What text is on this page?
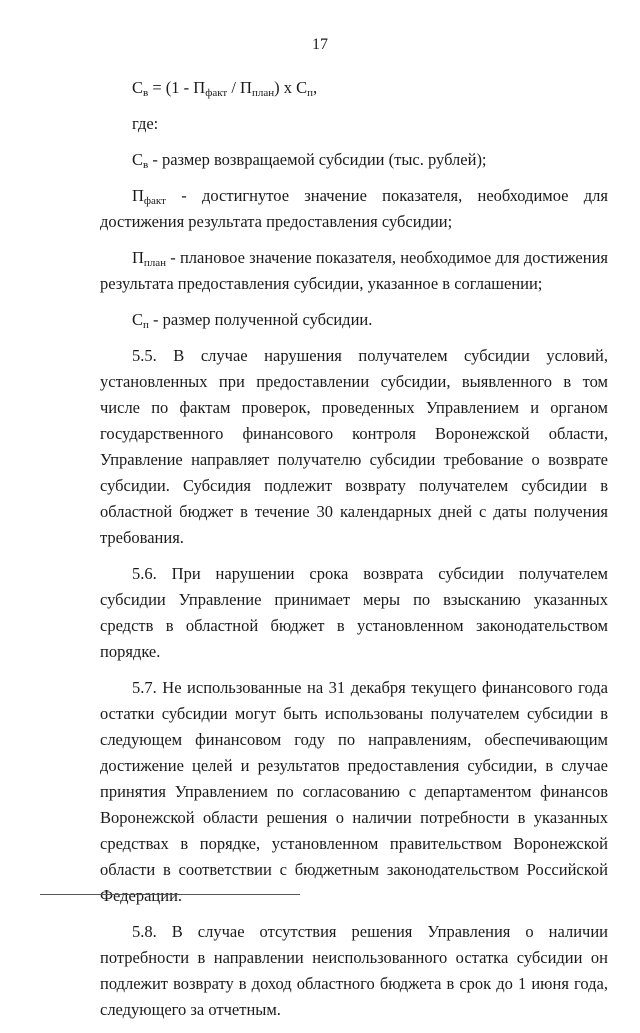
17
$С_в = (1 - П_{факт} / П_{план})$ x $С_п$,
где:
$С_в$ - размер возвращаемой субсидии (тыс. рублей);
$П_{факт}$ - достигнутое значение показателя, необходимое для достижения результата предоставления субсидии;
$П_{план}$ - плановое значение показателя, необходимое для достижения результата предоставления субсидии, указанное в соглашении;
$С_п$ - размер полученной субсидии.

5.5. В случае нарушения получателем субсидии условий, установленных при предоставлении субсидии, выявленного в том числе по фактам проверок, проведенных Управлением и органом государственного финансового контроля Воронежской области, Управление направляет получателю субсидии требование о возврате субсидии. Субсидия подлежит возврату получателем субсидии в областной бюджет в течение 30 календарных дней с даты получения требования.

5.6. При нарушении срока возврата субсидии получателем субсидии Управление принимает меры по взысканию указанных средств в областной бюджет в установленном законодательством порядке.

5.7. Не использованные на 31 декабря текущего финансового года остатки субсидии могут быть использованы получателем субсидии в следующем финансовом году по направлениям, обеспечивающим достижение целей и результатов предоставления субсидии, в случае принятия Управлением по согласованию с департаментом финансов Воронежской области решения о наличии потребности в указанных средствах в порядке, установленном правительством Воронежской области в соответствии с бюджетным законодательством Российской Федерации.

5.8. В случае отсутствия решения Управления о наличии потребности в направлении неиспользованного остатка субсидии он подлежит возврату в доход областного бюджета в срок до 1 июня года, следующего за отчетным.
